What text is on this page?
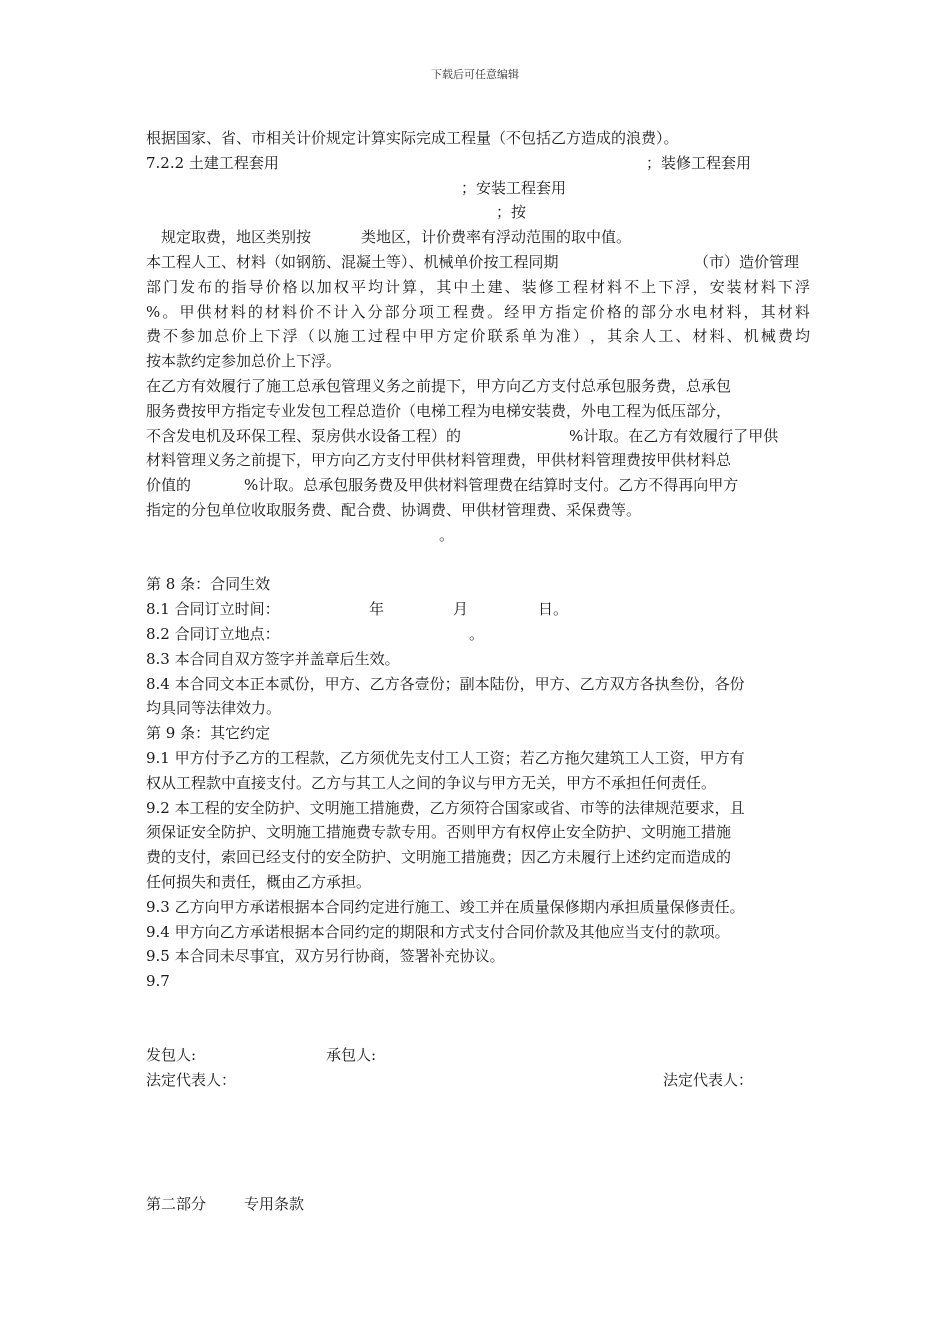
下载后可任意编辑
根据国家、省、市相关计价规定计算实际完成工程量（不包括乙方造成的浪费）。
7.2.2 土建工程套用	；装修工程套用
；安装工程套用
；按
规定取费，地区类别按	类地区，计价费率有浮动范围的取中值。
本工程人工、材料（如钢筋、混凝土等）、机械单价按工程同期	（市）造价管理
部 门 发 布 的 指 导 价 格 以 加 权 平 均 计 算 ， 其 中 土 建 、 装 修 工 程 材 料 不 上 下 浮 ， 安 装 材 料 下 浮
% 。 甲 供 材 料 的 材 料 价 不 计 入 分 部 分 项 工 程 费 。 经 甲 方 指 定 价 格 的 部 分 水 电 材 料 ， 其 材 料
费 不 参 加 总 价 上 下 浮 （ 以 施 工 过 程 中 甲 方 定 价 联 系 单 为 准 ） ， 其 余 人 工 、 材 料 、 机 械 费 均
按本款约定参加总价上下浮。
在乙方有效履行了施工总承包管理义务之前提下，甲方向乙方支付总承包服务费，总承包
服务费按甲方指定专业发包工程总造价（电梯工程为电梯安装费，外电工程为低压部分，
不含发电机及环保工程、泵房供水设备工程）的	%计取。在乙方有效履行了甲供
材料管理义务之前提下，甲方向乙方支付甲供材料管理费，甲供材料管理费按甲供材料总
价值的	%计取。总承包服务费及甲供材料管理费在结算时支付。乙方不得再向甲方
指定的分包单位收取服务费、配合费、协调费、甲供材管理费、采保费等。
。
第 8 条：合同生效
8.1 合同订立时间：	年	月	日。
8.2 合同订立地点：	。
8.3 本合同自双方签字并盖章后生效。
8.4 本合同文本正本贰份，甲方、乙方各壹份；副本陆份，甲方、乙方双方各执叁份，各份
均具同等法律效力。
第 9 条：其它约定
9.1 甲方付予乙方的工程款，乙方须优先支付工人工资；若乙方拖欠建筑工人工资，甲方有
权从工程款中直接支付。乙方与其工人之间的争议与甲方无关，甲方不承担任何责任。
9.2 本工程的安全防护、文明施工措施费，乙方须符合国家或省、市等的法律规范要求，且
须保证安全防护、文明施工措施费专款专用。否则甲方有权停止安全防护、文明施工措施
费的支付，索回已经支付的安全防护、文明施工措施费；因乙方未履行上述约定而造成的
任何损失和责任，概由乙方承担。
9.3 乙方向甲方承诺根据本合同约定进行施工、竣工并在质量保修期内承担质量保修责任。
9.4 甲方向乙方承诺根据本合同约定的期限和方式支付合同价款及其他应当支付的款项。
9.5 本合同未尽事宜，双方另行协商，签署补充协议。
9.7
发包人:	承包人:
法定代表人：	法定代表人：
第二部分	专用条款
